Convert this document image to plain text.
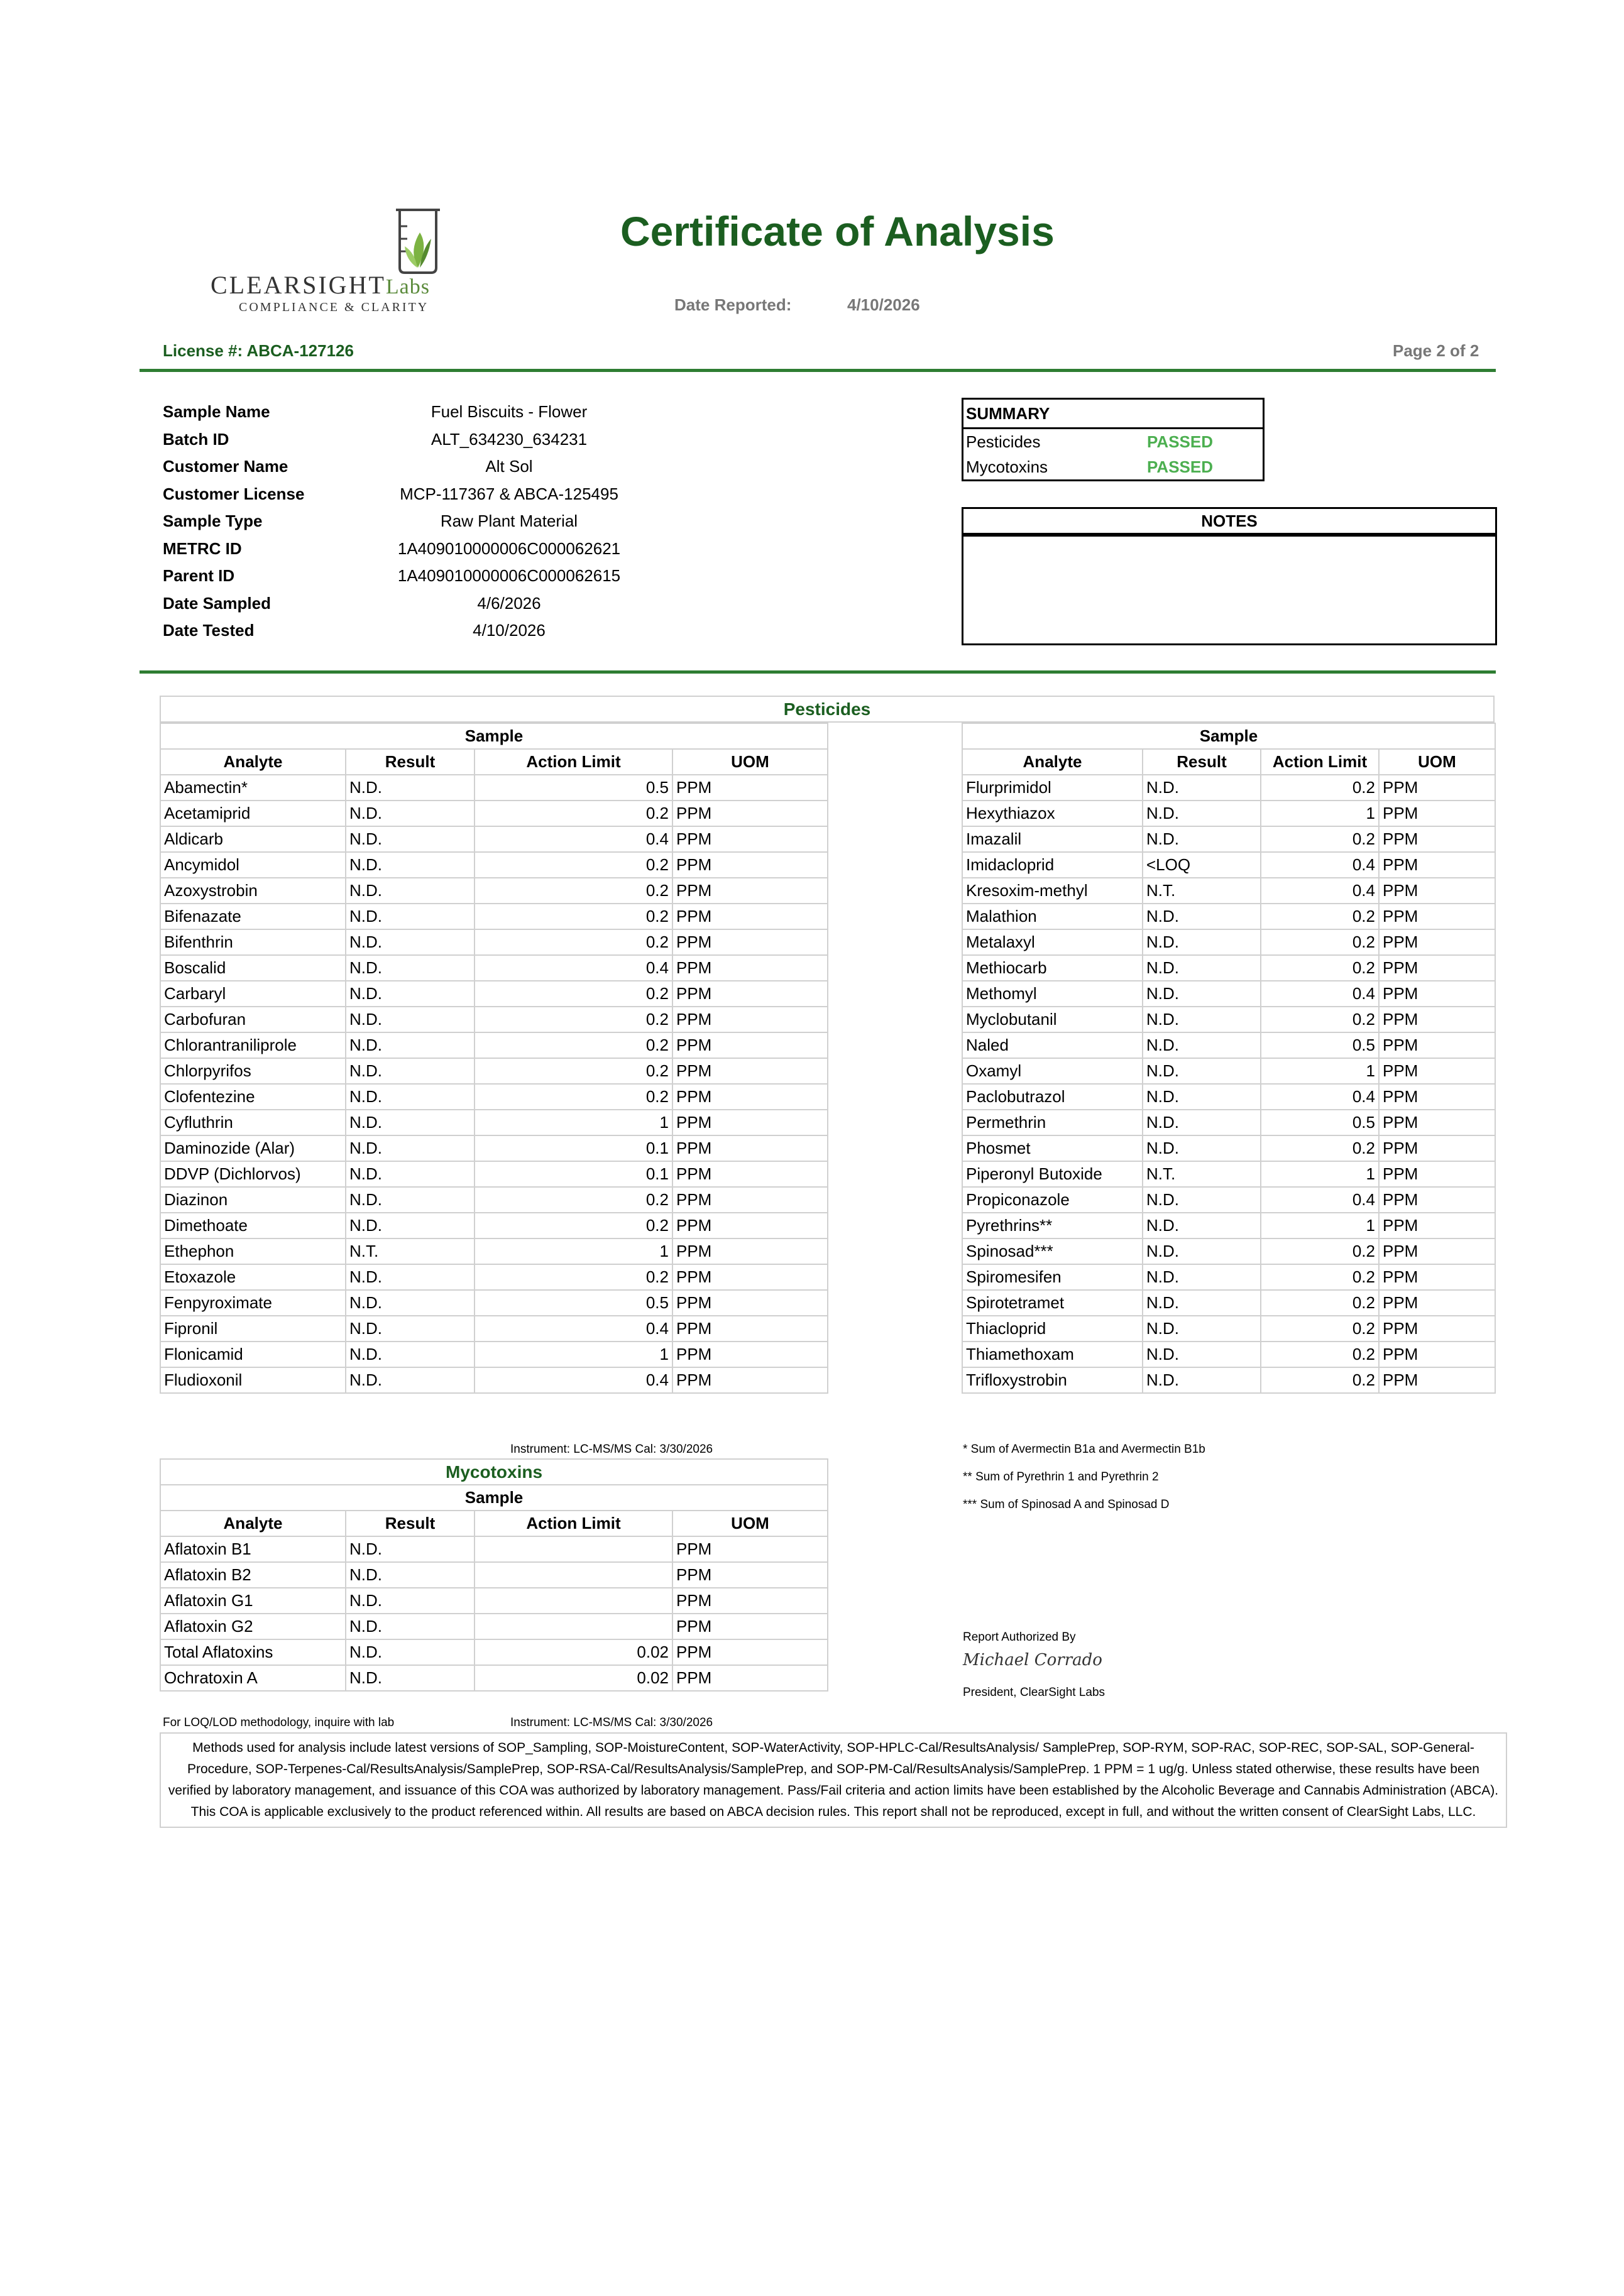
CLEARSIGHTLabs
COMPLIANCE & CLARITY
Certificate of Analysis
Date Reported:	4/10/2026
License #: ABCA-127126	Page 2 of 2
Sample Name	Fuel Biscuits - Flower
Batch ID	ALT_634230_634231
Customer Name	Alt Sol
Customer License	MCP-117367 & ABCA-125495
Sample Type	Raw Plant Material
METRC ID	1A409010000006C000062621
Parent ID	1A409010000006C000062615
Date Sampled	4/6/2026
Date Tested	4/10/2026
SUMMARY
Pesticides	PASSED
Mycotoxins	PASSED
NOTES
Pesticides
Sample			
Analyte	Result	Action Limit	UOM
Abamectin*	N.D.	0.5	PPM
Acetamiprid	N.D.	0.2	PPM
Aldicarb	N.D.	0.4	PPM
Ancymidol	N.D.	0.2	PPM
Azoxystrobin	N.D.	0.2	PPM
Bifenazate	N.D.	0.2	PPM
Bifenthrin	N.D.	0.2	PPM
Boscalid	N.D.	0.4	PPM
Carbaryl	N.D.	0.2	PPM
Carbofuran	N.D.	0.2	PPM
Chlorantraniliprole	N.D.	0.2	PPM
Chlorpyrifos	N.D.	0.2	PPM
Clofentezine	N.D.	0.2	PPM
Cyfluthrin	N.D.	1	PPM
Daminozide (Alar)	N.D.	0.1	PPM
DDVP (Dichlorvos)	N.D.	0.1	PPM
Diazinon	N.D.	0.2	PPM
Dimethoate	N.D.	0.2	PPM
Ethephon	N.T.	1	PPM
Etoxazole	N.D.	0.2	PPM
Fenpyroximate	N.D.	0.5	PPM
Fipronil	N.D.	0.4	PPM
Flonicamid	N.D.	1	PPM
Fludioxonil	N.D.	0.4	PPM
Sample			
Analyte	Result	Action Limit	UOM
Flurprimidol	N.D.	0.2	PPM
Hexythiazox	N.D.	1	PPM
Imazalil	N.D.	0.2	PPM
Imidacloprid	<LOQ	0.4	PPM
Kresoxim-methyl	N.T.	0.4	PPM
Malathion	N.D.	0.2	PPM
Metalaxyl	N.D.	0.2	PPM
Methiocarb	N.D.	0.2	PPM
Methomyl	N.D.	0.4	PPM
Myclobutanil	N.D.	0.2	PPM
Naled	N.D.	0.5	PPM
Oxamyl	N.D.	1	PPM
Paclobutrazol	N.D.	0.4	PPM
Permethrin	N.D.	0.5	PPM
Phosmet	N.D.	0.2	PPM
Piperonyl Butoxide	N.T.	1	PPM
Propiconazole	N.D.	0.4	PPM
Pyrethrins**	N.D.	1	PPM
Spinosad***	N.D.	0.2	PPM
Spiromesifen	N.D.	0.2	PPM
Spirotetramet	N.D.	0.2	PPM
Thiacloprid	N.D.	0.2	PPM
Thiamethoxam	N.D.	0.2	PPM
Trifloxystrobin	N.D.	0.2	PPM
Instrument: LC-MS/MS Cal: 3/30/2026	* Sum of Avermectin B1a and Avermectin B1b
** Sum of Pyrethrin 1 and Pyrethrin 2
*** Sum of Spinosad A and Spinosad D
Mycotoxins			
Sample			
Analyte	Result	Action Limit	UOM
Aflatoxin B1	N.D.		PPM
Aflatoxin B2	N.D.		PPM
Aflatoxin G1	N.D.		PPM
Aflatoxin G2	N.D.		PPM
Total Aflatoxins	N.D.	0.02	PPM
Ochratoxin A	N.D.	0.02	PPM
For LOQ/LOD methodology, inquire with lab	Instrument: LC-MS/MS Cal: 3/30/2026
Report Authorized By
Michael Corrado
President, ClearSight Labs
Methods used for analysis include latest versions of SOP_Sampling, SOP-MoistureContent, SOP-WaterActivity, SOP-HPLC-Cal/ResultsAnalysis/ SamplePrep, SOP-RYM, SOP-RAC, SOP-REC, SOP-SAL, SOP-General-Procedure, SOP-Terpenes-Cal/ResultsAnalysis/SamplePrep, SOP-RSA-Cal/ResultsAnalysis/SamplePrep, and SOP-PM-Cal/ResultsAnalysis/SamplePrep. 1 PPM = 1 ug/g. Unless stated otherwise, these results have been verified by laboratory management, and issuance of this COA was authorized by laboratory management. Pass/Fail criteria and action limits have been established by the Alcoholic Beverage and Cannabis Administration (ABCA). This COA is applicable exclusively to the product referenced within. All results are based on ABCA decision rules. This report shall not be reproduced, except in full, and without the written consent of ClearSight Labs, LLC.
